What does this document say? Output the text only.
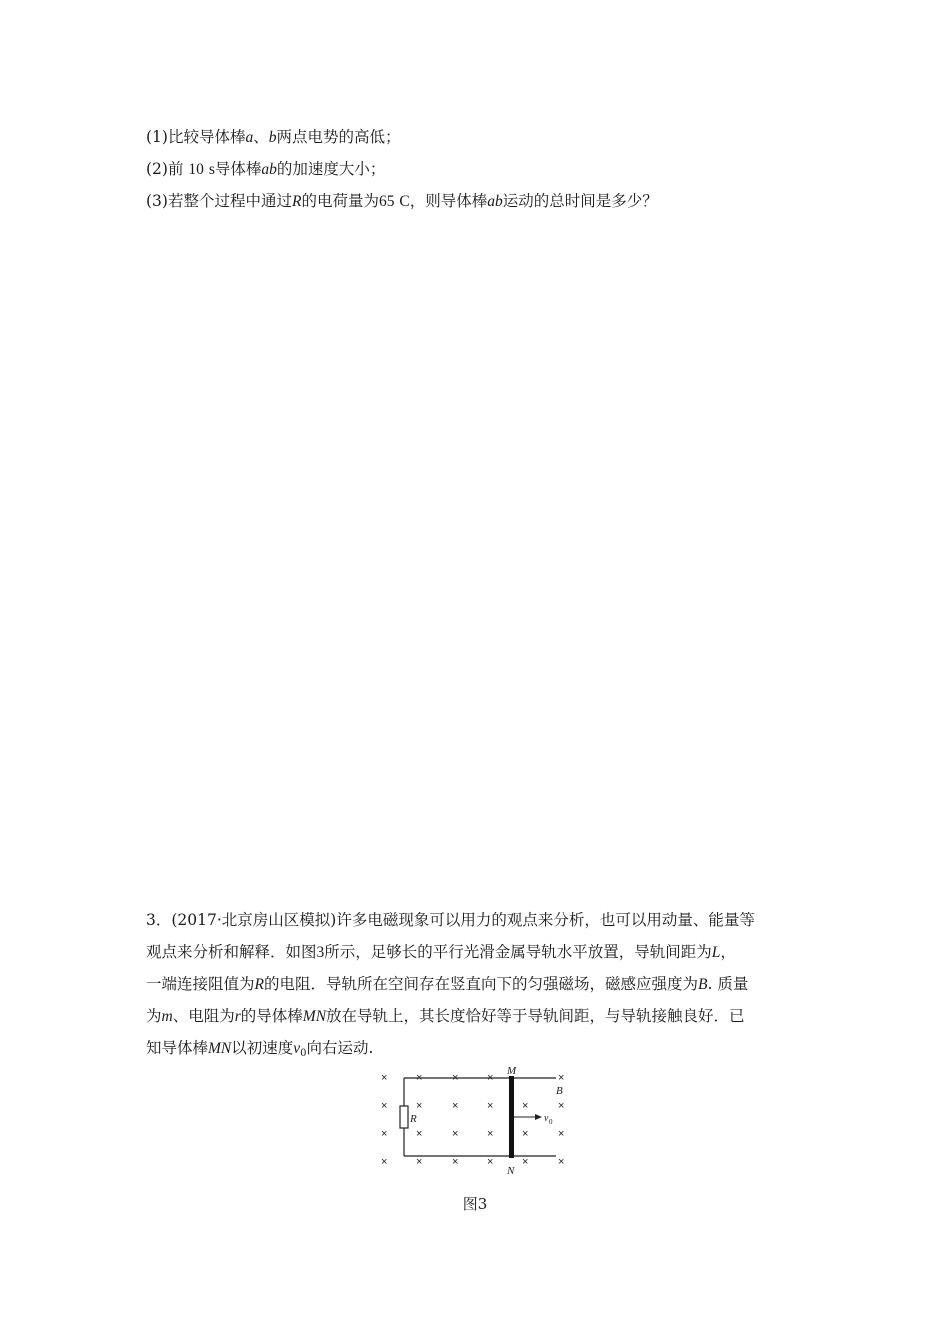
(1)比较导体棒a、b两点电势的高低；
(2)前 10 s导体棒ab的加速度大小；
(3)若整个过程中通过R的电荷量为65 C，则导体棒ab运动的总时间是多少？
3．(2017·北京房山区模拟)许多电磁现象可以用力的观点来分析，也可以用动量、能量等
观点来分析和解释．如图3所示，足够长的平行光滑金属导轨水平放置，导轨间距为L，
一端连接阻值为R的电阻．导轨所在空间存在竖直向下的匀强磁场，磁感应强度为B. 质量
为m、电阻为r的导体棒MN放在导轨上，其长度恰好等于导轨间距，与导轨接触良好．已
知导体棒MN以初速度$v_0$向右运动.
×	×	×	×	×
×	×	×	×	×	×
×	×	×	×	×	×
×	×	×	×	×	×
M
N
B
R	v 0
图3
